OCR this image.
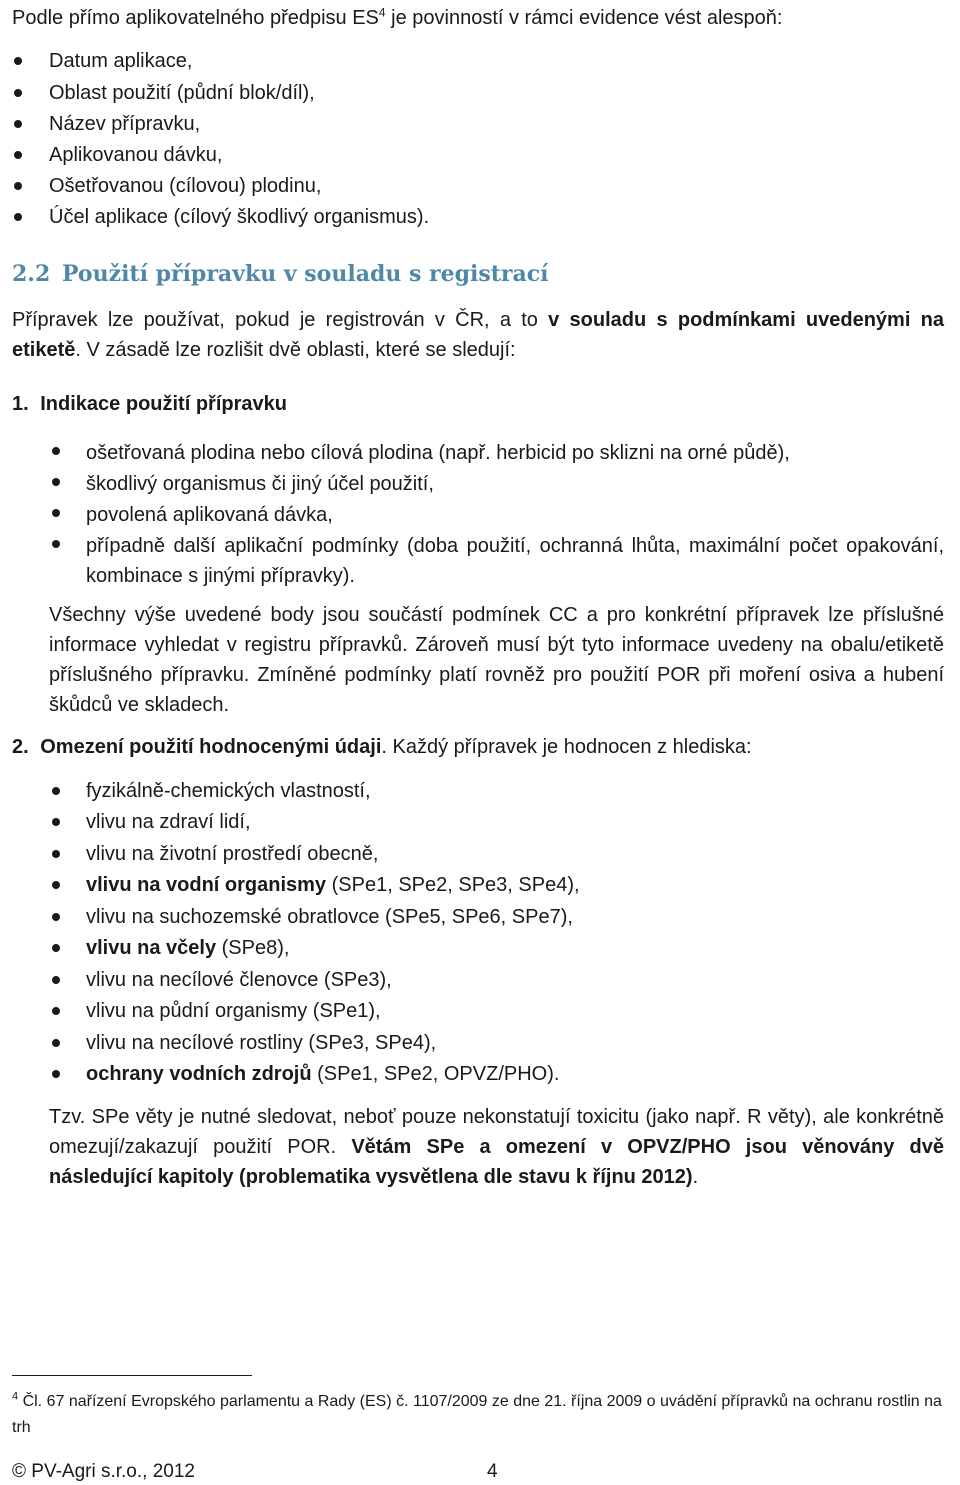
Podle přímo aplikovatelného předpisu $ES^4$ je povinností v rámci evidence vést alespoň:
Datum aplikace,
Oblast použití (půdní blok/díl),
Název přípravku,
Aplikovanou dávku,
Ošetřovanou (cílovou) plodinu,
Účel aplikace (cílový škodlivý organismus).
2.2 Použití přípravku v souladu s registrací
Přípravek lze používat, pokud je registrován v ČR, a to v souladu s podmínkami uvedenými na etiketě. V zásadě lze rozlišit dvě oblasti, které se sledují:
1. Indikace použití přípravku
ošetřovaná plodina nebo cílová plodina (např. herbicid po sklizni na orné půdě),
škodlivý organismus či jiný účel použití,
povolená aplikovaná dávka,
případně další aplikační podmínky (doba použití, ochranná lhůta, maximální počet opakování, kombinace s jinými přípravky).
Všechny výše uvedené body jsou součástí podmínek CC a pro konkrétní přípravek lze příslušné informace vyhledat v registru přípravků. Zároveň musí být tyto informace uvedeny na obalu/etiketě příslušného přípravku. Zmíněné podmínky platí rovněž pro použití POR při moření osiva a hubení škůdců ve skladech.
2. Omezení použití hodnocenými údaji. Každý přípravek je hodnocen z hlediska:
fyzikálně-chemických vlastností,
vlivu na zdraví lidí,
vlivu na životní prostředí obecně,
vlivu na vodní organismy (SPe1, SPe2, SPe3, SPe4),
vlivu na suchozemské obratlovce (SPe5, SPe6, SPe7),
vlivu na včely (SPe8),
vlivu na necílové členovce (SPe3),
vlivu na půdní organismy (SPe1),
vlivu na necílové rostliny (SPe3, SPe4),
ochrany vodních zdrojů (SPe1, SPe2, OPVZ/PHO).
Tzv. SPe věty je nutné sledovat, neboť pouze nekonstatují toxicitu (jako např. R věty), ale konkrétně omezují/zakazují použití POR. Větám SPe a omezení v OPVZ/PHO jsou věnovány dvě následující kapitoly (problematika vysvětlena dle stavu k říjnu 2012).
$^4$ Čl. 67 nařízení Evropského parlamentu a Rady (ES) č. 1107/2009 ze dne 21. října 2009 o uvádění přípravků na ochranu rostlin na trh
© PV-Agri s.r.o., 2012	4
